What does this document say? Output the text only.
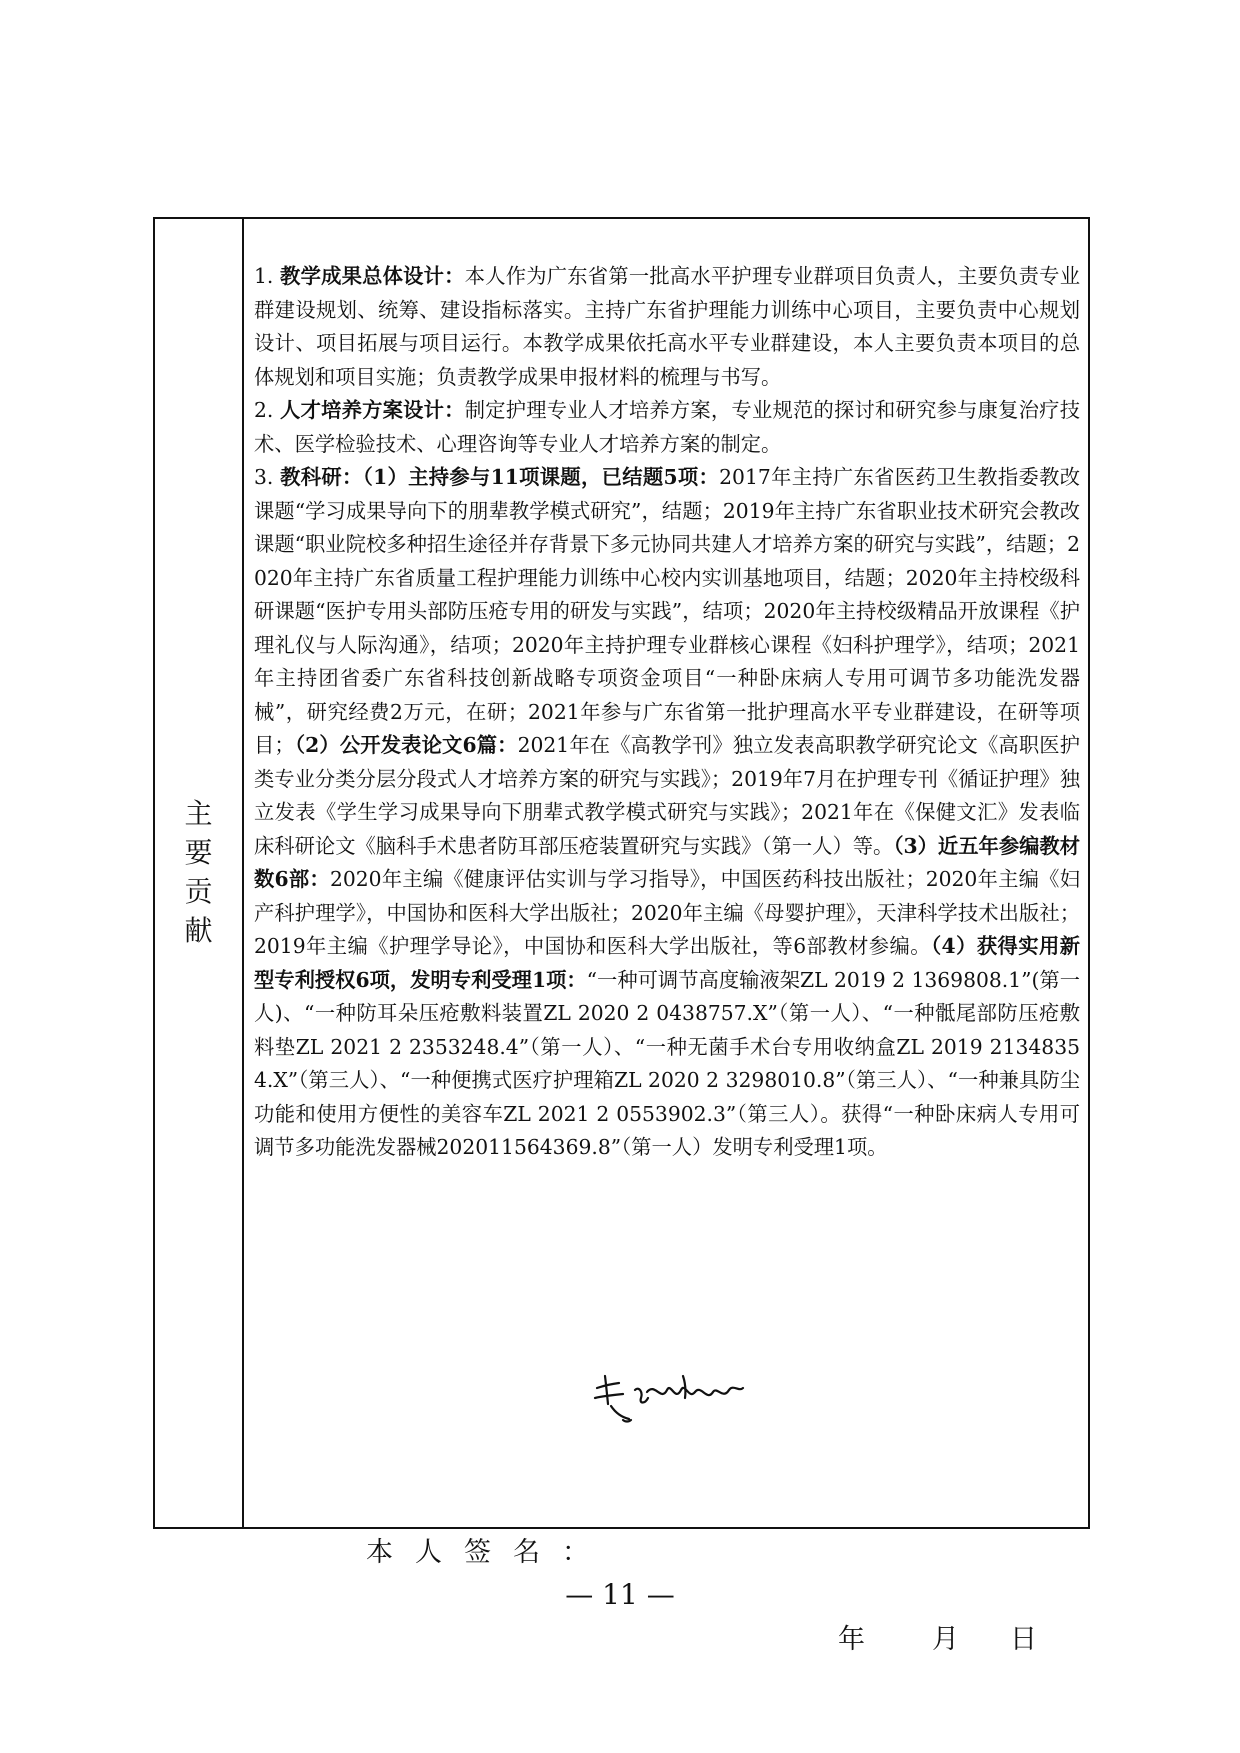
主
要
贡
献

1. 教学成果总体设计：本人作为广东省第一批高水平护理专业群项目负责人，主要负责专业群建设规划、统筹、建设指标落实。主持广东省护理能力训练中心项目，主要负责中心规划设计、项目拓展与项目运行。本教学成果依托高水平专业群建设，本人主要负责本项目的总体规划和项目实施；负责教学成果申报材料的梳理与书写。

2. 人才培养方案设计：制定护理专业人才培养方案，专业规范的探讨和研究参与康复治疗技术、医学检验技术、心理咨询等专业人才培养方案的制定。

3. 教科研：（1）主持参与11项课题，已结题5项：2017年主持广东省医药卫生教指委教改课题“学习成果导向下的朋辈教学模式研究”，结题；2019年主持广东省职业技术研究会教改课题“职业院校多种招生途径并存背景下多元协同共建人才培养方案的研究与实践”，结题；2020年主持广东省质量工程护理能力训练中心校内实训基地项目，结题；2020年主持校级科研课题“医护专用头部防压疮专用的研发与实践”，结项；2020年主持校级精品开放课程《护理礼仪与人际沟通》，结项；2020年主持护理专业群核心课程《妇科护理学》，结项；2021年主持团省委广东省科技创新战略专项资金项目“一种卧床病人专用可调节多功能洗发器械”，研究经费2万元，在研；2021年参与广东省第一批护理高水平专业群建设，在研等项目；（2）公开发表论文6篇：2021年在《高教学刊》独立发表高职教学研究论文《高职医护类专业分类分层分段式人才培养方案的研究与实践》；2019年7月在护理专刊《循证护理》独立发表《学生学习成果导向下朋辈式教学模式研究与实践》；2021年在《保健文汇》发表临床科研论文《脑科手术患者防耳部压疮装置研究与实践》（第一人）等。（3）近五年参编教材数6部：2020年主编《健康评估实训与学习指导》，中国医药科技出版社；2020年主编《妇产科护理学》，中国协和医科大学出版社；2020年主编《母婴护理》，天津科学技术出版社；2019年主编《护理学导论》，中国协和医科大学出版社，等6部教材参编。（4）获得实用新型专利授权6项，发明专利受理1项：“一种可调节高度输液架ZL 2019 2 1369808.1”(第一人)、“一种防耳朵压疮敷料装置ZL 2020 2 0438757.X”（第一人）、“一种骶尾部防压疮敷料垫ZL 2021 2 2353248.4”（第一人）、“一种无菌手术台专用收纳盒ZL 2019 21348354.X”（第三人）、“一种便携式医疗护理箱ZL 2020 2 3298010.8”（第三人）、“一种兼具防尘功能和使用方便性的美容车ZL 2021 2 0553902.3”（第三人）。获得“一种卧床病人专用可调节多功能洗发器械202011564369.8”（第一人）发明专利受理1项。

本人签名：
年 月 日
— 11 —
